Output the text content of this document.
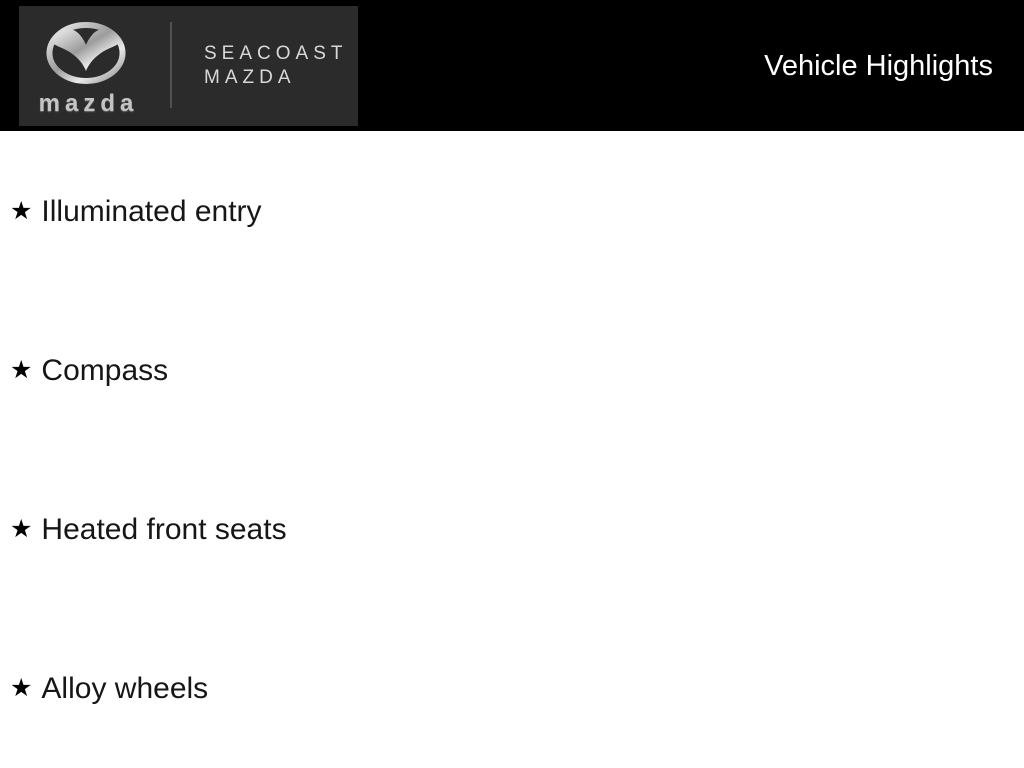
mazda
SEACOAST
MAZDA	Vehicle Highlights
★ Illuminated entry
★ Compass
★ Heated front seats
★ Alloy wheels
